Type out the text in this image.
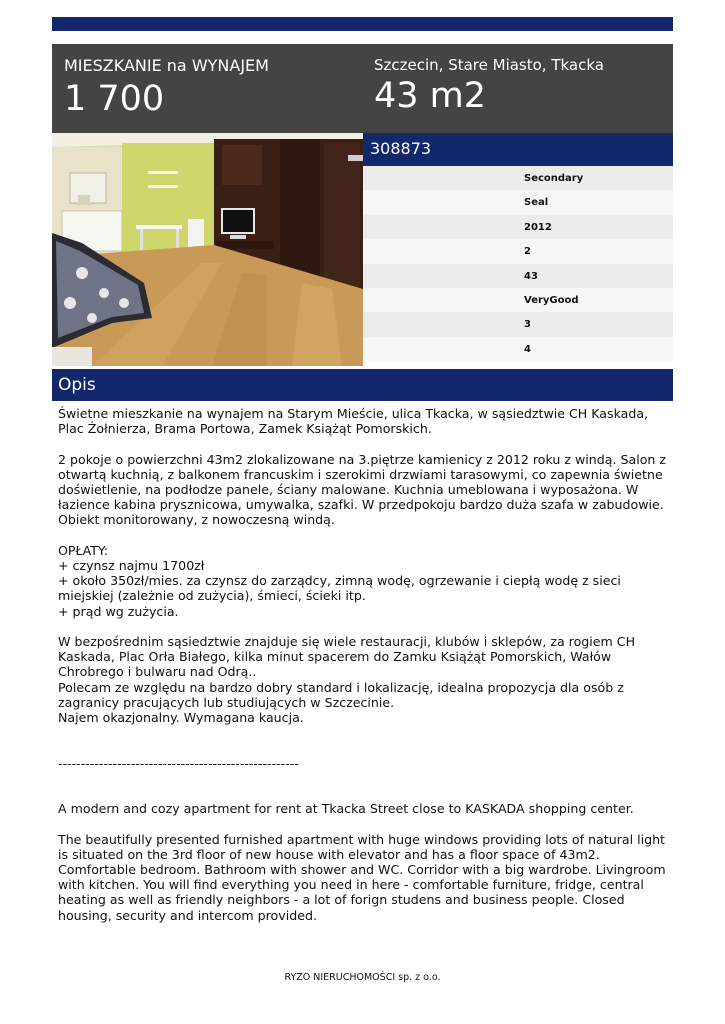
MIESZKANIE na WYNAJEM
1 700
Szczecin, Stare Miasto, Tkacka
43 m2
308873
Secondary
Seal
2012
2
43
VeryGood
3
4
Opis

Świetne mieszkanie na wynajem na Starym Mieście, ulica Tkacka, w sąsiedztwie CH Kaskada, Plac Żołnierza, Brama Portowa, Zamek Książąt Pomorskich.

2 pokoje o powierzchni 43m2 zlokalizowane na 3.piętrze kamienicy z 2012 roku z windą. Salon z otwartą kuchnią, z balkonem francuskim i szerokimi drzwiami tarasowymi, co zapewnia świetne doświetlenie, na podłodze panele, ściany malowane. Kuchnia umeblowana i wyposażona. W łazience kabina prysznicowa, umywalka, szafki. W przedpokoju bardzo duża szafa w zabudowie. Obiekt monitorowany, z nowoczesną windą.

OPŁATY:
+ czynsz najmu 1700zł
+ około 350zł/mies. za czynsz do zarządcy, zimną wodę, ogrzewanie i ciepłą wodę z sieci miejskiej (zależnie od zużycia), śmieci, ścieki itp.
+ prąd wg zużycia.

W bezpośrednim sąsiedztwie znajduje się wiele restauracji, klubów i sklepów, za rogiem CH Kaskada, Plac Orła Białego, kilka minut spacerem do Zamku Książąt Pomorskich, Wałów Chrobrego i bulwaru nad Odrą..
Polecam ze względu na bardzo dobry standard i lokalizację, idealna propozycja dla osób z zagranicy pracujących lub studiujących w Szczecinie.
Najem okazjonalny. Wymagana kaucja.

-----------------------------------------------------

A modern and cozy apartment for rent at Tkacka Street close to KASKADA shopping center.

The beautifully presented furnished apartment with huge windows providing lots of natural light is situated on the 3rd floor of new house with elevator and has a floor space of 43m2. Comfortable bedroom. Bathroom with shower and WC. Corridor with a big wardrobe. Livingroom with kitchen. You will find everything you need in here - comfortable furniture, fridge, central heating as well as friendly neighbors - a lot of forign studens and business people. Closed housing, security and intercom provided.

RYZO NIERUCHOMOŚCI sp. z o.o.
